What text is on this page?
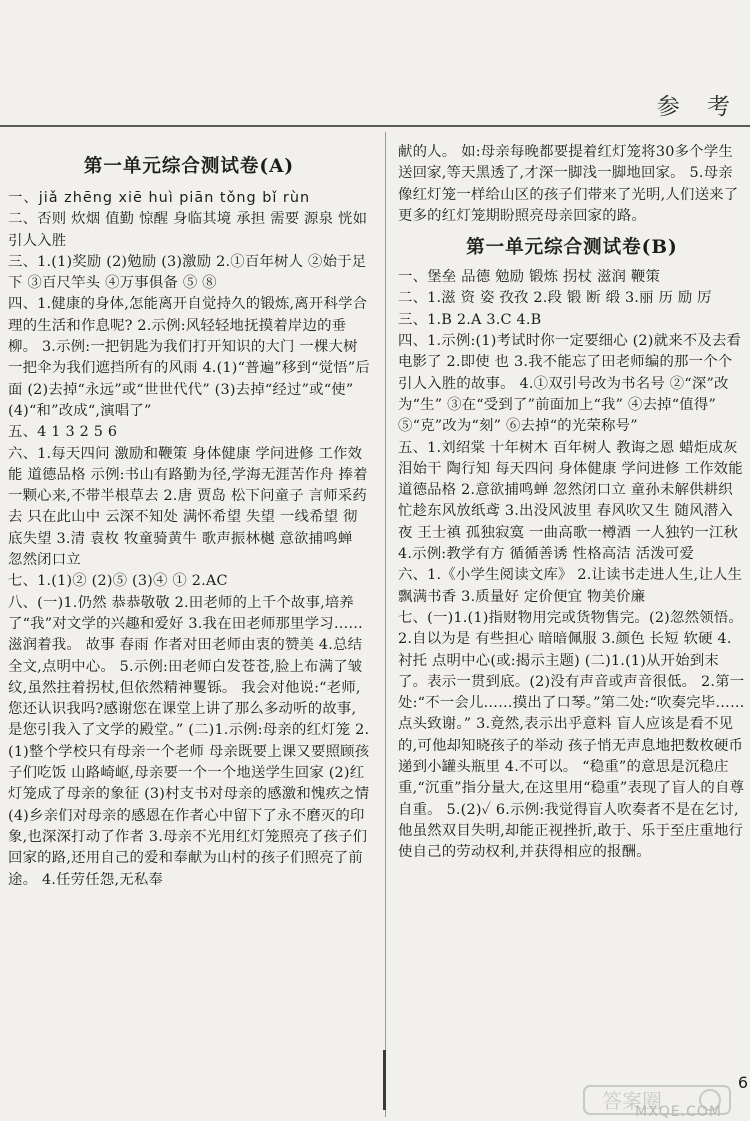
参 考
第一单元综合测试卷(A)
一、jiǎ zhēng xiē huì piān tǒng bǐ rùn
二、否则 炊烟 值勤 惊醒 身临其境 承担 需要 源泉 恍如 引人入胜
三、1.(1)奖励 (2)勉励 (3)激励 2.①百年树人 ②始于足下 ③百尺竿头 ④万事俱备 ⑤ ⑧
四、1.健康的身体,怎能离开自觉持久的锻炼,离开科学合理的生活和作息呢? 2.示例:风轻轻地抚摸着岸边的垂柳。 3.示例:一把钥匙为我们打开知识的大门 一棵大树 一把伞为我们遮挡所有的风雨 4.(1)“普遍”移到“觉悟”后面 (2)去掉“永远”或“世世代代” (3)去掉“经过”或“使” (4)“和”改成“,演唱了”
五、4 1 3 2 5 6
六、1.每天四问 激励和鞭策 身体健康 学问进修 工作效能 道德品格 示例:书山有路勤为径,学海无涯苦作舟 捧着一颗心来,不带半根草去 2.唐 贾岛 松下问童子 言师采药去 只在此山中 云深不知处 满怀希望 失望 一线希望 彻底失望 3.清 袁枚 牧童骑黄牛 歌声振林樾 意欲捕鸣蝉 忽然闭口立
七、1.(1)② (2)⑤ (3)④ ① 2.AC
八、(一)1.仍然 恭恭敬敬 2.田老师的上千个故事,培养了“我”对文学的兴趣和爱好 3.我在田老师那里学习……滋润着我。 故事 春雨 作者对田老师由衷的赞美 4.总结全文,点明中心。 5.示例:田老师白发苍苍,脸上布满了皱纹,虽然拄着拐杖,但依然精神矍铄。 我会对他说:“老师,您还认识我吗?感谢您在课堂上讲了那么多动听的故事,是您引我入了文学的殿堂。” (二)1.示例:母亲的红灯笼 2.(1)整个学校只有母亲一个老师 母亲既要上课又要照顾孩子们吃饭 山路崎岖,母亲要一个一个地送学生回家 (2)红灯笼成了母亲的象征 (3)村支书对母亲的感激和愧疚之情 (4)乡亲们对母亲的感恩在作者心中留下了永不磨灭的印象,也深深打动了作者 3.母亲不光用红灯笼照亮了孩子们回家的路,还用自己的爱和奉献为山村的孩子们照亮了前途。 4.任劳任怨,无私奉
献的人。 如:母亲每晚都要提着红灯笼将30多个学生送回家,等天黑透了,才深一脚浅一脚地回家。 5.母亲像红灯笼一样给山区的孩子们带来了光明,人们送来了更多的红灯笼期盼照亮母亲回家的路。
第一单元综合测试卷(B)
一、堡垒 品德 勉励 锻炼 拐杖 滋润 鞭策
二、1.滋 资 姿 孜孜 2.段 锻 断 缎 3.丽 历 励 厉
三、1.B 2.A 3.C 4.B
四、1.示例:(1)考试时你一定要细心 (2)就来不及去看电影了 2.即使 也 3.我不能忘了田老师编的那一个个引人入胜的故事。 4.①双引号改为书名号 ②“深”改为“生” ③在“受到了”前面加上“我” ④去掉“值得” ⑤“克”改为“刻” ⑥去掉“的光荣称号”
五、1.刘绍棠 十年树木 百年树人 教诲之恩 蜡炬成灰泪始干 陶行知 每天四问 身体健康 学问进修 工作效能 道德品格 2.意欲捕鸣蝉 忽然闭口立 童孙未解供耕织 忙趁东风放纸鸢 3.出没风波里 春风吹又生 随风潜入夜 王士禛 孤独寂寞 一曲高歌一樽酒 一人独钓一江秋 4.示例:教学有方 循循善诱 性格高洁 活泼可爱
六、1.《小学生阅读文库》 2.让读书走进人生,让人生飘满书香 3.质量好 定价便宜 物美价廉
七、(一)1.(1)指财物用完或货物售完。(2)忽然领悟。 2.自以为是 有些担心 暗暗佩服 3.颜色 长短 软硬 4.衬托 点明中心(或:揭示主题) (二)1.(1)从开始到末了。表示一贯到底。(2)没有声音或声音很低。 2.第一处:“不一会儿……摸出了口琴。”第二处:“吹奏完毕……点头致谢。” 3.竟然,表示出乎意料 盲人应该是看不见的,可他却知晓孩子的举动 孩子悄无声息地把数枚硬币递到小罐头瓶里 4.不可以。 “稳重”的意思是沉稳庄重,“沉重”指分量大,在这里用“稳重”表现了盲人的自尊自重。 5.(2)✓ 6.示例:我觉得盲人吹奏者不是在乞讨,他虽然双目失明,却能正视挫折,敢于、乐于至庄重地行使自己的劳动权利,并获得相应的报酬。
6
答案圈
MXQE.COM
